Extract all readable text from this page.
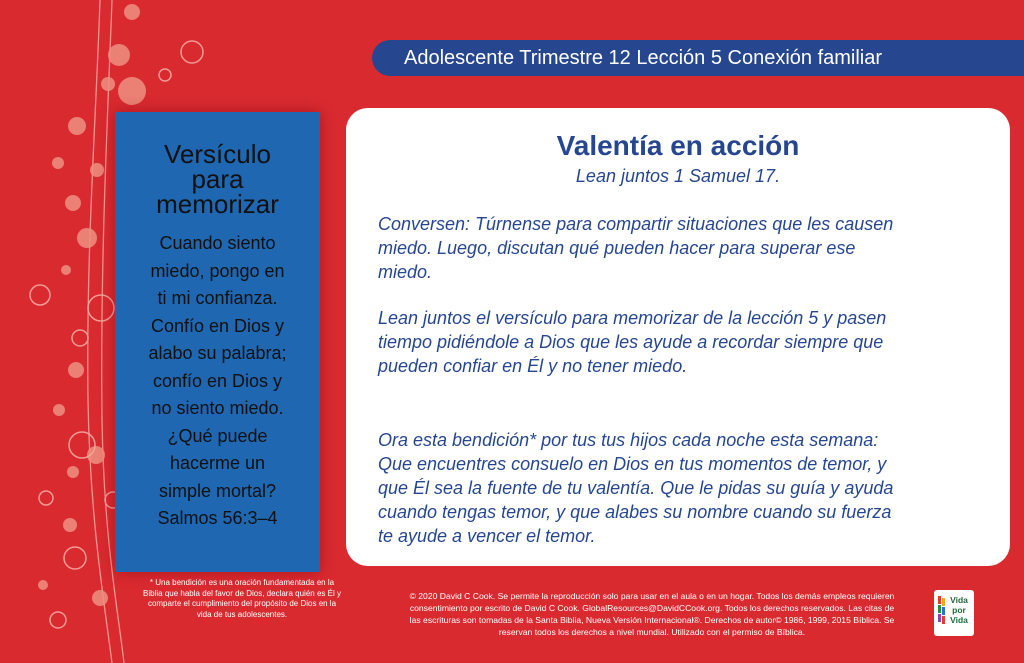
Adolescente Trimestre 12 Lección 5 Conexión familiar
Versículo
para
memorizar
Cuando siento
miedo, pongo en
ti mi confianza.
Confío en Dios y
alabo su palabra;
confío en Dios y
no siento miedo.
¿Qué puede
hacerme un
simple mortal?
Salmos 56:3–4
Valentía en acción
Lean juntos 1 Samuel 17.
Conversen: Túrnense para compartir situaciones que les causen
miedo. Luego, discutan qué pueden hacer para superar ese
miedo.
Lean juntos el versículo para memorizar de la lección 5 y pasen
tiempo pidiéndole a Dios que les ayude a recordar siempre que
pueden confiar en Él y no tener miedo.
Ora esta bendición* por tus tus hijos cada noche esta semana:
Que encuentres consuelo en Dios en tus momentos de temor, y
que Él sea la fuente de tu valentía. Que le pidas su guía y ayuda
cuando tengas temor, y que alabes su nombre cuando su fuerza
te ayude a vencer el temor.
* Una bendición es una oración fundamentada en la
Biblia que habla del favor de Dios, declara quién es Él y
comparte el cumplimiento del propósito de Dios en la
vida de tus adolescentes.
© 2020 David C Cook. Se permite la reproducción solo para usar en el aula o en un hogar. Todos los demás empleos requieren
consentimiento por escrito de David C Cook. GlobalResources@DavidCCook.org. Todos los derechos reservados. Las citas de
las escrituras son tomadas de la Santa Biblia, Nueva Versión Internacional®. Derechos de autor© 1986, 1999, 2015 Bíblica. Se
reservan todos los derechos a nivel mundial. Utilizado con el permiso de Bíblica.
Vida
por
Vida
